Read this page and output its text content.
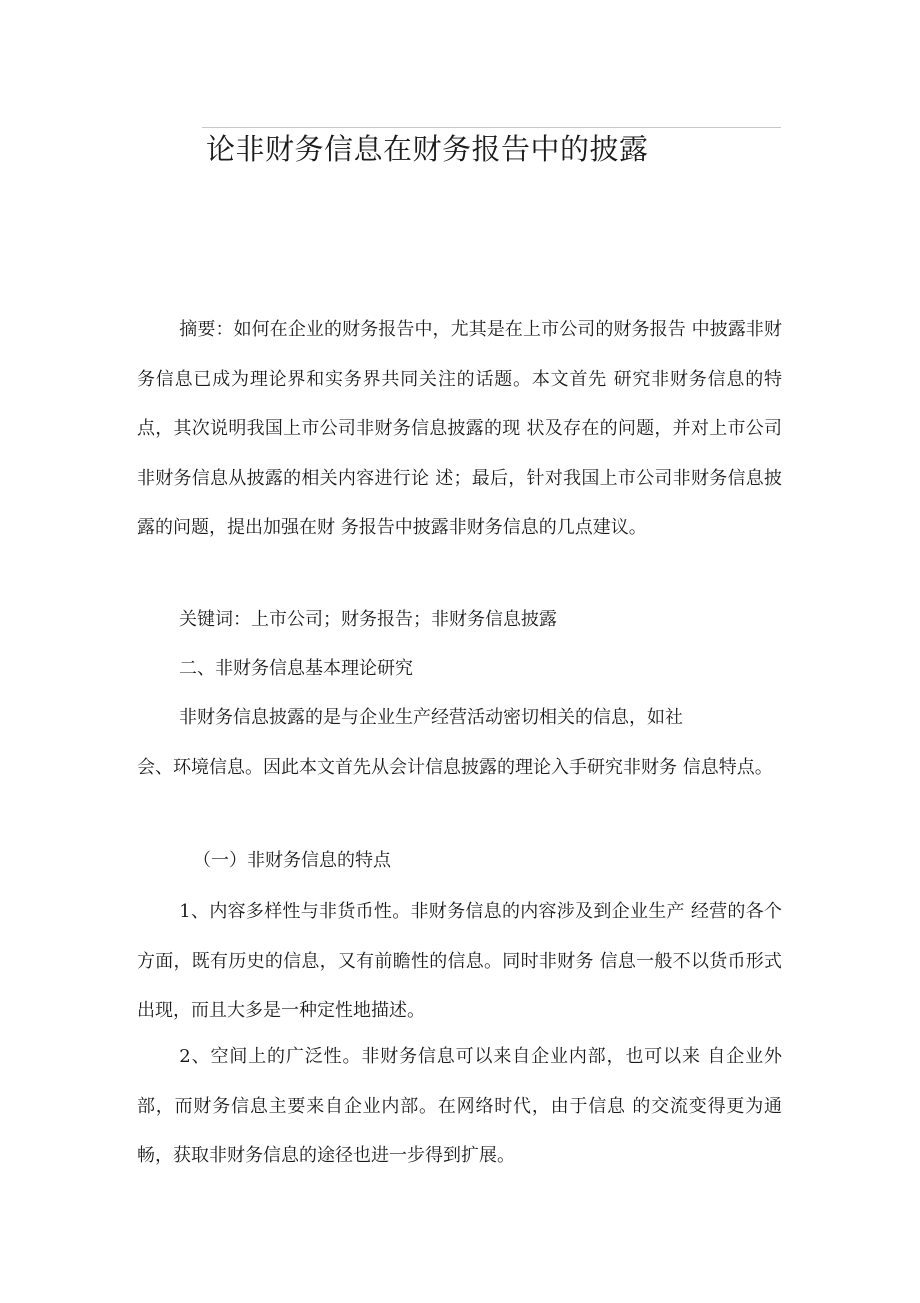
论非财务信息在财务报告中的披露
摘要：如何在企业的财务报告中，尤其是在上市公司的财务报告 中披露非财务信息已成为理论界和实务界共同关注的话题。本文首先 研究非财务信息的特点，其次说明我国上市公司非财务信息披露的现 状及存在的问题，并对上市公司非财务信息从披露的相关内容进行论 述；最后，针对我国上市公司非财务信息披露的问题，提出加强在财 务报告中披露非财务信息的几点建议。
关键词：上市公司；财务报告；非财务信息披露
二、非财务信息基本理论研究
非财务信息披露的是与企业生产经营活动密切相关的信息，如社
会、环境信息。因此本文首先从会计信息披露的理论入手研究非财务 信息特点。
（一）非财务信息的特点
1、内容多样性与非货币性。非财务信息的内容涉及到企业生产 经营的各个方面，既有历史的信息，又有前瞻性的信息。同时非财务 信息一般不以货币形式出现，而且大多是一种定性地描述。
2、空间上的广泛性。非财务信息可以来自企业内部，也可以来 自企业外部，而财务信息主要来自企业内部。在网络时代，由于信息 的交流变得更为通畅，获取非财务信息的途径也进一步得到扩展。
